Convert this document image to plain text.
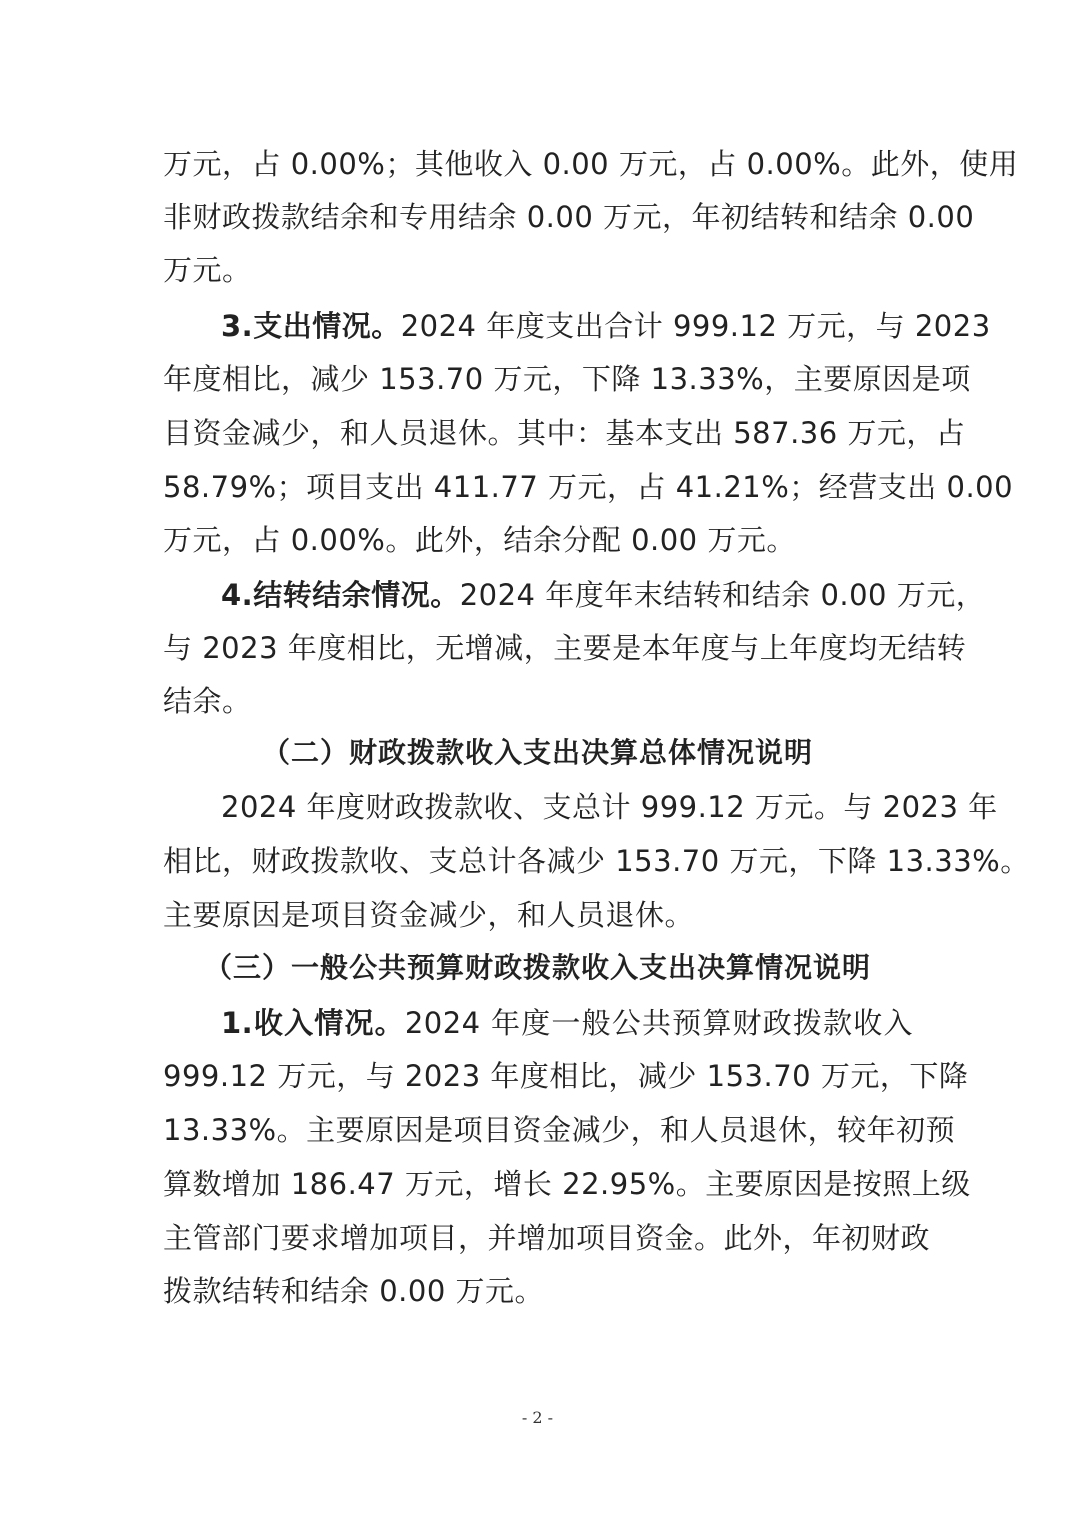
万元，占 0.00%；其他收入 0.00 万元，占 0.00%。此外，使用
非财政拨款结余和专用结余 0.00 万元，年初结转和结余 0.00
万元。
3.支出情况。2024 年度支出合计 999.12 万元，与 2023
年度相比，减少 153.70 万元，下降 13.33%，主要原因是项
目资金减少，和人员退休。其中：基本支出 587.36 万元，占
58.79%；项目支出 411.77 万元，占 41.21%；经营支出 0.00
万元，占 0.00%。此外，结余分配 0.00 万元。
4.结转结余情况。2024 年度年末结转和结余 0.00 万元，
与 2023 年度相比，无增减，主要是本年度与上年度均无结转
结余。
（二）财政拨款收入支出决算总体情况说明
2024 年度财政拨款收、支总计 999.12 万元。与 2023 年
相比，财政拨款收、支总计各减少 153.70 万元，下降 13.33%。
主要原因是项目资金减少，和人员退休。
（三）一般公共预算财政拨款收入支出决算情况说明
1.收入情况。2024 年度一般公共预算财政拨款收入
999.12 万元，与 2023 年度相比，减少 153.70 万元，下降
13.33%。主要原因是项目资金减少，和人员退休，较年初预
算数增加 186.47 万元，增长 22.95%。主要原因是按照上级
主管部门要求增加项目，并增加项目资金。此外，年初财政
拨款结转和结余 0.00 万元。
- 2 -
